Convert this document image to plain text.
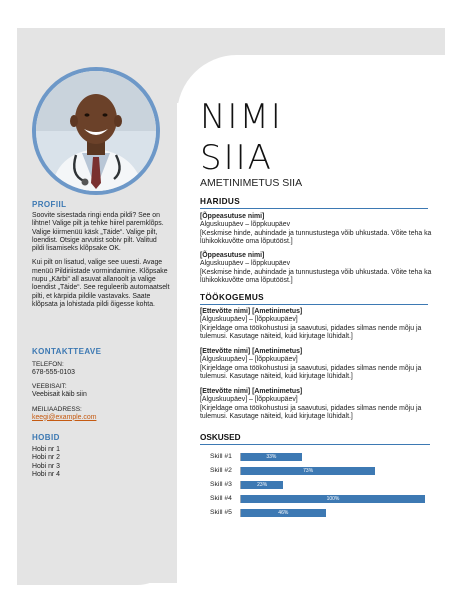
NIMI
SIIA
AMETINIMETUS SIIA
PROFIIL

Soovite sisestada ringi enda pildi? See on lihtne! Valige pilt ja tehke hiirel paremklõps. Valige kiirmenüü käsk „Täide“. Valige pilt, loendist. Otsige arvutist sobiv pilt. Valitud pildi lisamiseks klõpsake OK.

Kui pilt on lisatud, valige see uuesti. Avage menüü Pildiriistade vormindamine. Klõpsake nupu „Kärbi“ all asuvat allanoolt ja valige loendist „Täide“. See reguleerib automaatselt pilti, et kärpida pildile vastavaks. Saate klõpsata ja lohistada pildi õigesse kohta.

KONTAKTTEAVE
TELEFON:
678-555-0103
VEEBISAIT:
Veebisait käib siin
MEILIAADRESS:
keegi@example.com
HOBID
Hobi nr 1
Hobi nr 2
Hobi nr 3
Hobi nr 4
HARIDUS
[Õppeasutuse nimi]
Alguskuupäev – lõppkuupäev
[Keskmise hinde, auhindade ja tunnustustega võib uhkustada. Võite teha ka lühikokkuvõtte oma lõputööst.]
[Õppeasutuse nimi]
Alguskuupäev – lõppkuupäev
[Keskmise hinde, auhindade ja tunnustustega võib uhkustada. Võite teha ka lühikokkuvõtte oma lõputööst.]
TÖÖKOGEMUS
[Ettevõtte nimi] [Ametinimetus]
[Alguskuupäev] – [lõppkuupäev]
[Kirjeldage oma töökohustusi ja saavutusi, pidades silmas nende mõju ja tulemusi. Kasutage näiteid, kuid kirjutage lühidalt.]
[Ettevõtte nimi] [Ametinimetus]
[Alguskuupäev] – [lõppkuupäev]
[Kirjeldage oma töökohustusi ja saavutusi, pidades silmas nende mõju ja tulemusi. Kasutage näiteid, kuid kirjutage lühidalt.]
[Ettevõtte nimi] [Ametinimetus]
[Alguskuupäev] – [lõppkuupäev]
[Kirjeldage oma töökohustusi ja saavutusi, pidades silmas nende mõju ja tulemusi. Kasutage näiteid, kuid kirjutage lühidalt.]
OSKUSED
Skill #1	33%
Skill #2	73%
Skill #3	23%
Skill #4	100%
Skill #5	46%
